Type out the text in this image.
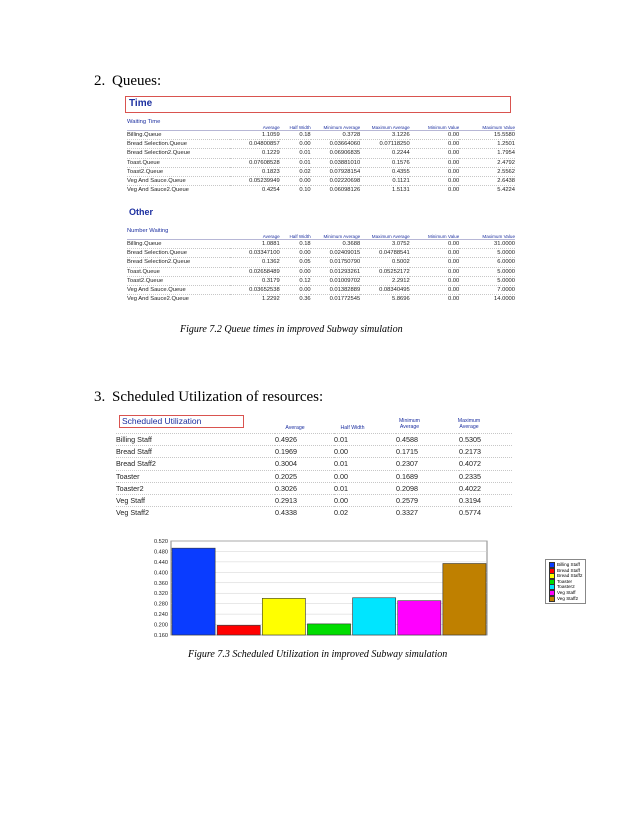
2. Queues:
Time
Waiting Time	Average	Half Width	Minimum Average	Maximum Average	Minimum Value	Maximum Value
Billing.Queue	1.1059	0.18	0.3728	3.1226	0.00	15.5580
Bread Selection.Queue	0.04800857	0.00	0.03664060	0.07118250	0.00	1.2501
Bread Selection2.Queue	0.1229	0.01	0.06906835	0.2244	0.00	1.7954
Toast.Queue	0.07608528	0.01	0.03881010	0.1576	0.00	2.4792
Toast2.Queue	0.1823	0.02	0.07928154	0.4355	0.00	2.5562
Veg And Sauce.Queue	0.05239949	0.00	0.02220698	0.1121	0.00	2.6438
Veg And Sauce2.Queue	0.4254	0.10	0.06098126	1.5131	0.00	5.4224
Other
Number Waiting	Average	Half Width	Minimum Average	Maximum Average	Minimum Value	Maximum Value
Billing.Queue	1.0881	0.18	0.3688	3.0752	0.00	31.0000
Bread Selection.Queue	0.03347100	0.00	0.02409015	0.04788541	0.00	5.0000
Bread Selection2.Queue	0.1362	0.05	0.01750790	0.5002	0.00	6.0000
Toast.Queue	0.02658489	0.00	0.01293261	0.05252172	0.00	5.0000
Toast2.Queue	0.3179	0.12	0.01009702	2.2912	0.00	5.0000
Veg And Sauce.Queue	0.03652538	0.00	0.01382889	0.08340495	0.00	7.0000
Veg And Sauce2.Queue	1.2292	0.36	0.01772545	5.8696	0.00	14.0000
Figure 7.2 Queue times in improved Subway simulation
3. Scheduled Utilization of resources:
Scheduled Utilization
Average	Half Width
Minimum Average
Maximum Average
Billing Staff	0.4926	0.01	0.4588	0.5305
Bread Staff	0.1969	0.00	0.1715	0.2173
Bread Staff2	0.3004	0.01	0.2307	0.4072
Toaster	0.2025	0.00	0.1689	0.2335
Toaster2	0.3026	0.01	0.2098	0.4022
Veg Staff	0.2913	0.00	0.2579	0.3194
Veg Staff2	0.4338	0.02	0.3327	0.5774
0.520
0.480
0.440
0.400
0.360
0.320
0.280
0.240
0.200
0.160
Billing Staff
Bread Staff
Bread Staff2
Toaster
Toaster2
Veg Staff
Veg Staff2
Figure 7.3 Scheduled Utilization in improved Subway simulation
